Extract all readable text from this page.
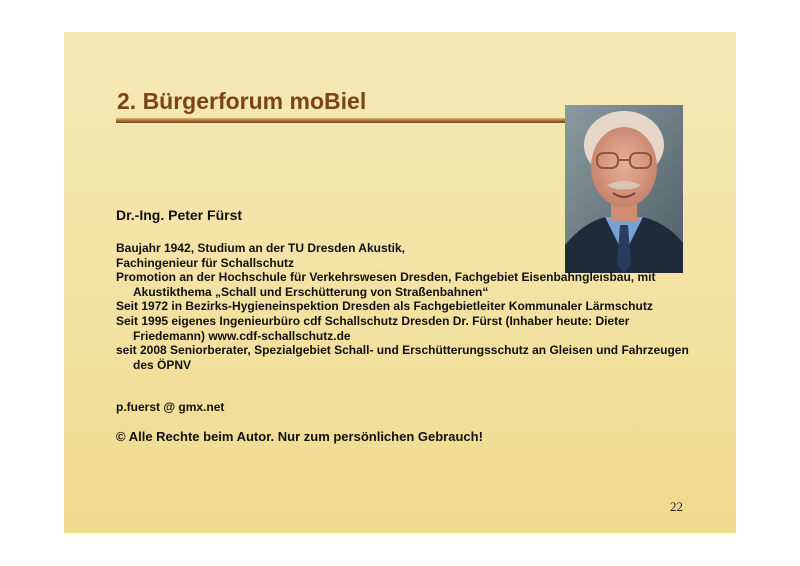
2. Bürgerforum moBiel

Dr.-Ing. Peter Fürst

Baujahr 1942, Studium an der TU Dresden Akustik,
Fachingenieur für Schallschutz
Promotion an der Hochschule für Verkehrswesen Dresden, Fachgebiet Eisenbahngleisbau, mit Akustikthema „Schall und Erschütterung von Straßenbahnen“
Seit 1972 in Bezirks-Hygieneinspektion Dresden als Fachgebietleiter Kommunaler Lärmschutz
Seit 1995 eigenes Ingenieurbüro cdf Schallschutz Dresden Dr. Fürst (Inhaber heute: Dieter Friedemann) www.cdf-schallschutz.de
seit 2008 Seniorberater, Spezialgebiet Schall- und Erschütterungsschutz an Gleisen und Fahrzeugen des ÖPNV
p.fuerst @ gmx.net
© Alle Rechte beim Autor. Nur zum persönlichen Gebrauch!
22
